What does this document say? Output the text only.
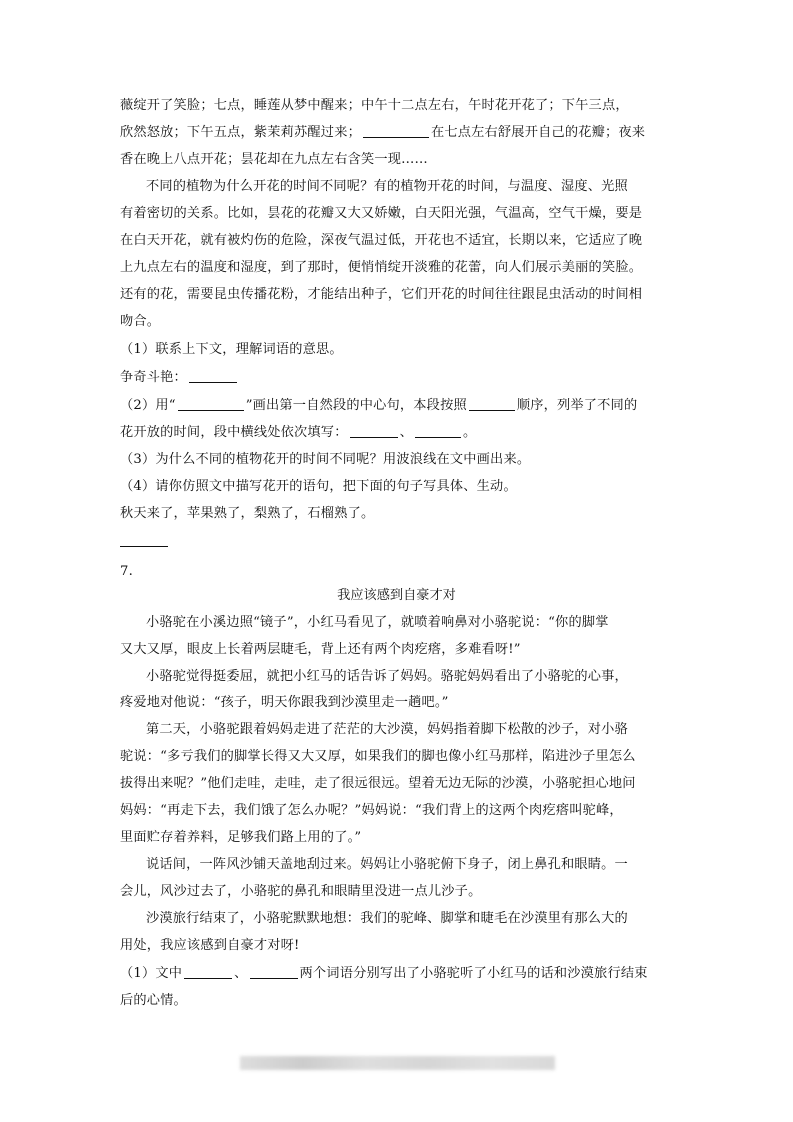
薇绽开了笑脸；七点，睡莲从梦中醒来；中午十二点左右，午时花开花了；下午三点，
欣然怒放；下午五点，紫茉莉苏醒过来；	在七点左右舒展开自己的花瓣；夜来
香在晚上八点开花；昙花却在九点左右含笑一现……
不同的植物为什么开花的时间不同呢？有的植物开花的时间，与温度、湿度、光照
有着密切的关系。比如，昙花的花瓣又大又娇嫩，白天阳光强，气温高，空气干燥，要是
在白天开花，就有被灼伤的危险，深夜气温过低，开花也不适宜，长期以来，它适应了晚
上九点左右的温度和湿度，到了那时，便悄悄绽开淡雅的花蕾，向人们展示美丽的笑脸。
还有的花，需要昆虫传播花粉，才能结出种子，它们开花的时间往往跟昆虫活动的时间相
吻合。
（1）联系上下文，理解词语的意思。
争奇斗艳：
（2）用“	”画出第一自然段的中心句，本段按照	顺序，列举了不同的
花开放的时间，段中横线处依次填写：	、	。
（3）为什么不同的植物花开的时间不同呢？用波浪线在文中画出来。
（4）请你仿照文中描写花开的语句，把下面的句子写具体、生动。
秋天来了，苹果熟了，梨熟了，石榴熟了。
7.
我应该感到自豪才对
小骆驼在小溪边照“镜子”，小红马看见了，就喷着响鼻对小骆驼说：“你的脚掌
又大又厚，眼皮上长着两层睫毛，背上还有两个肉疙瘩，多难看呀!”
小骆驼觉得挺委屈，就把小红马的话告诉了妈妈。骆驼妈妈看出了小骆驼的心事，
疼爱地对他说：“孩子，明天你跟我到沙漠里走一趟吧。”
第二天，小骆驼跟着妈妈走进了茫茫的大沙漠，妈妈指着脚下松散的沙子，对小骆
驼说：“多亏我们的脚掌长得又大又厚，如果我们的脚也像小红马那样，陷进沙子里怎么
拔得出来呢？”他们走哇，走哇，走了很远很远。望着无边无际的沙漠，小骆驼担心地问
妈妈：“再走下去，我们饿了怎么办呢？”妈妈说：“我们背上的这两个肉疙瘩叫驼峰，
里面贮存着养料，足够我们路上用的了。”
说话间，一阵风沙铺天盖地刮过来。妈妈让小骆驼俯下身子，闭上鼻孔和眼睛。一
会儿，风沙过去了，小骆驼的鼻孔和眼睛里没进一点儿沙子。
沙漠旅行结束了，小骆驼默默地想：我们的驼峰、脚掌和睫毛在沙漠里有那么大的
用处，我应该感到自豪才对呀!
（1）文中	、	两个词语分别写出了小骆驼听了小红马的话和沙漠旅行结束
后的心情。
